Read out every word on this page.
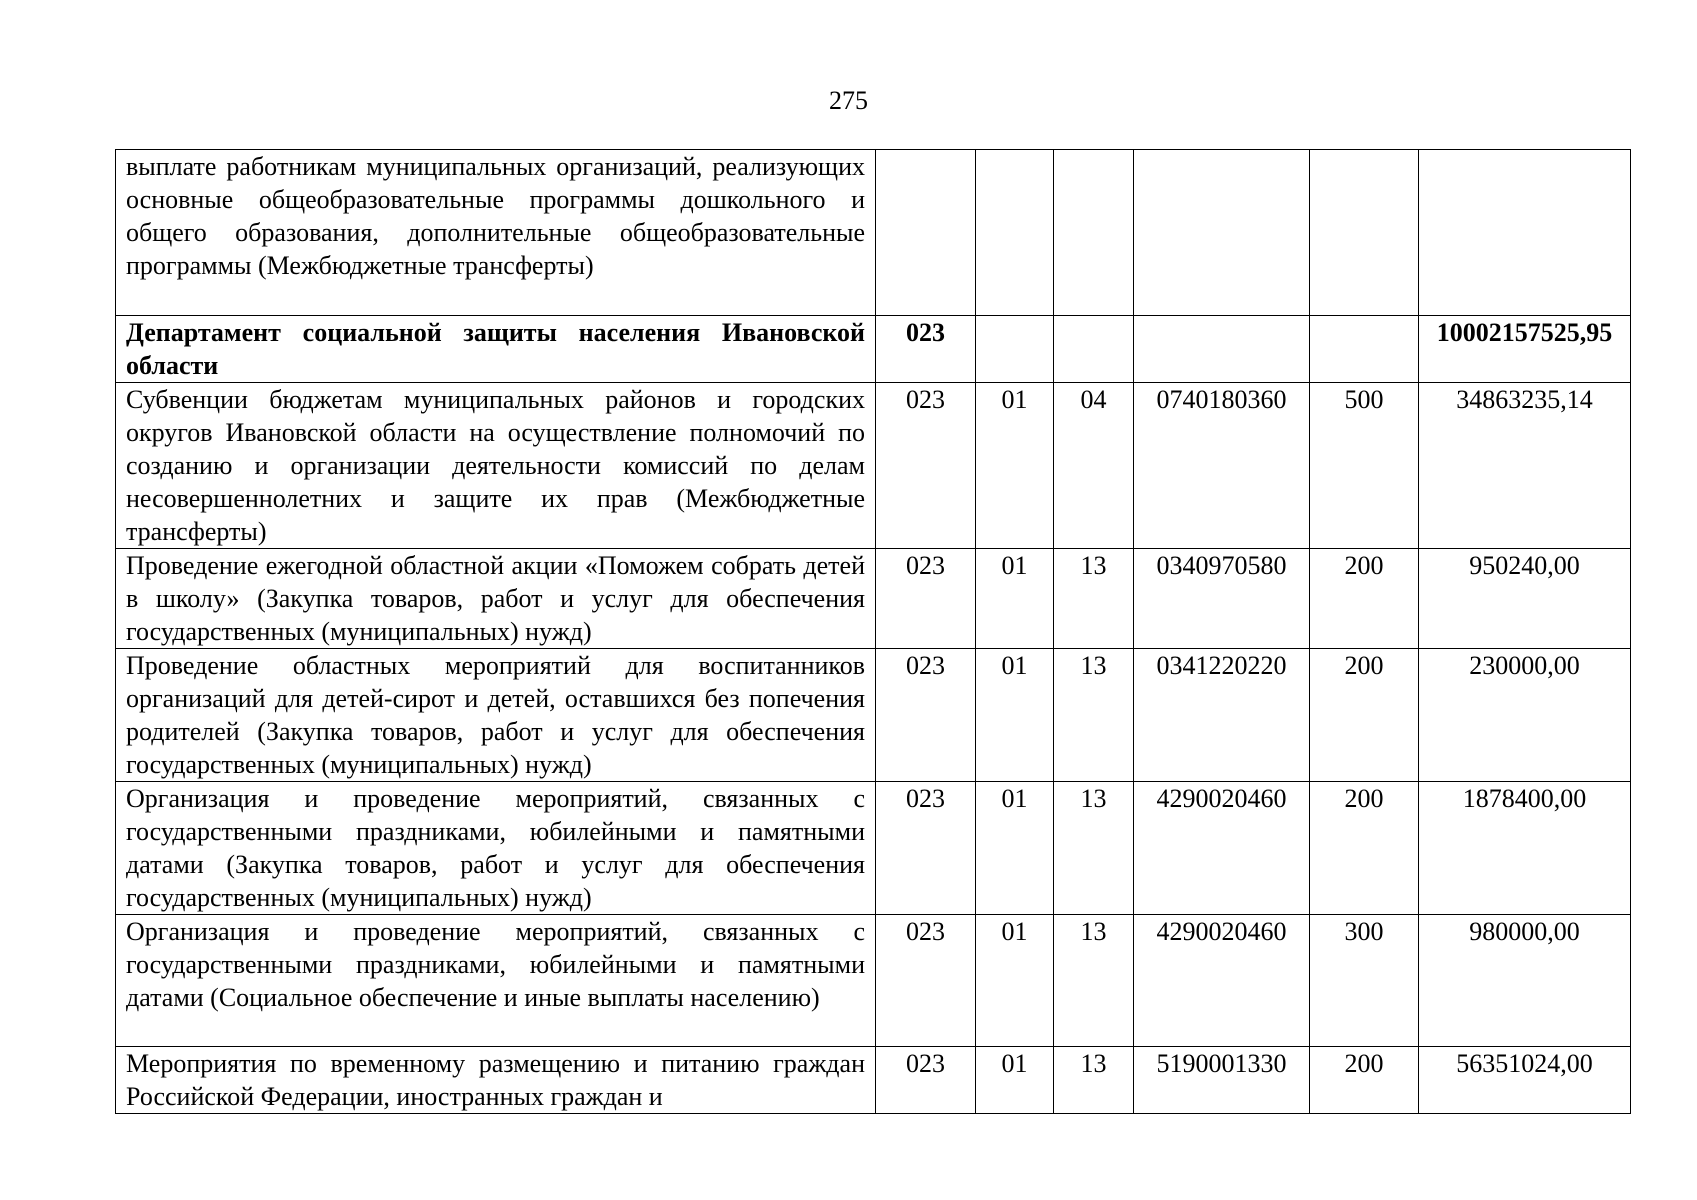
275
выплате работникам муниципальных организаций, реализующих основные общеобразовательные программы дошкольного и общего образования, дополнительные общеобразовательные программы (Межбюджетные трансферты)						
Департамент социальной защиты населения Ивановской области	023					10002157525,95
Субвенции бюджетам муниципальных районов и городских округов Ивановской области на осуществление полномочий по созданию и организации деятельности комиссий по делам несовершеннолетних и защите их прав (Межбюджетные трансферты)	023	01	04	0740180360	500	34863235,14
Проведение ежегодной областной акции «Поможем собрать детей в школу» (Закупка товаров, работ и услуг для обеспечения государственных (муниципальных) нужд)	023	01	13	0340970580	200	950240,00
Проведение областных мероприятий для воспитанников организаций для детей-сирот и детей, оставшихся без попечения родителей (Закупка товаров, работ и услуг для обеспечения государственных (муниципальных) нужд)	023	01	13	0341220220	200	230000,00
Организация и проведение мероприятий, связанных с государственными праздниками, юбилейными и памятными датами (Закупка товаров, работ и услуг для обеспечения государственных (муниципальных) нужд)	023	01	13	4290020460	200	1878400,00
Организация и проведение мероприятий, связанных с государственными праздниками, юбилейными и памятными датами (Социальное обеспечение и иные выплаты населению)	023	01	13	4290020460	300	980000,00
Мероприятия по временному размещению и питанию граждан Российской Федерации, иностранных граждан и	023	01	13	5190001330	200	56351024,00
